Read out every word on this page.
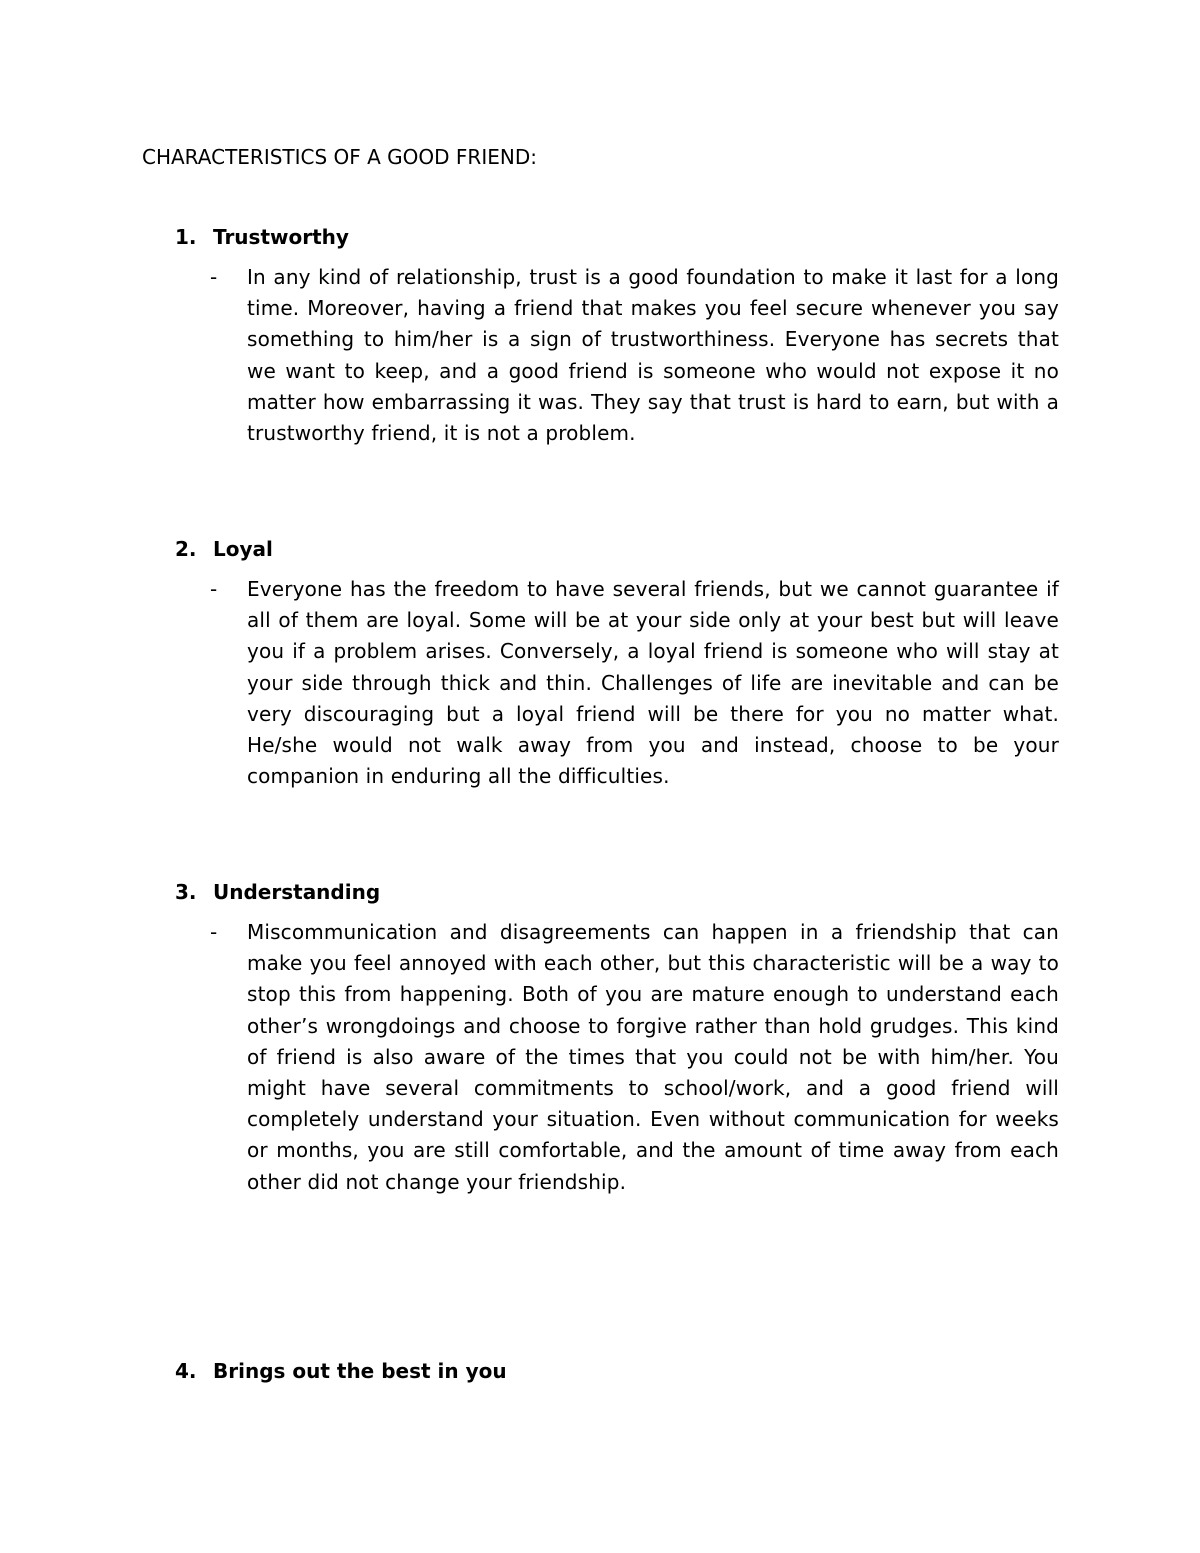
CHARACTERISTICS OF A GOOD FRIEND:
1. Trustworthy
-	In any kind of relationship, trust is a good foundation to make it last for a long time. Moreover, having a friend that makes you feel secure whenever you say something to him/her is a sign of trustworthiness. Everyone has secrets that we want to keep, and a good friend is someone who would not expose it no matter how embarrassing it was. They say that trust is hard to earn, but with a trustworthy friend, it is not a problem.

2. Loyal
-	Everyone has the freedom to have several friends, but we cannot guarantee if all of them are loyal. Some will be at your side only at your best but will leave you if a problem arises. Conversely, a loyal friend is someone who will stay at your side through thick and thin. Challenges of life are inevitable and can be very discouraging but a loyal friend will be there for you no matter what. He/she would not walk away from you and instead, choose to be your companion in enduring all the difficulties.

3. Understanding
-	Miscommunication and disagreements can happen in a friendship that can make you feel annoyed with each other, but this characteristic will be a way to stop this from happening. Both of you are mature enough to understand each other’s wrongdoings and choose to forgive rather than hold grudges. This kind of friend is also aware of the times that you could not be with him/her. You might have several commitments to school/work, and a good friend will completely understand your situation. Even without communication for weeks or months, you are still comfortable, and the amount of time away from each other did not change your friendship.

4. Brings out the best in you
